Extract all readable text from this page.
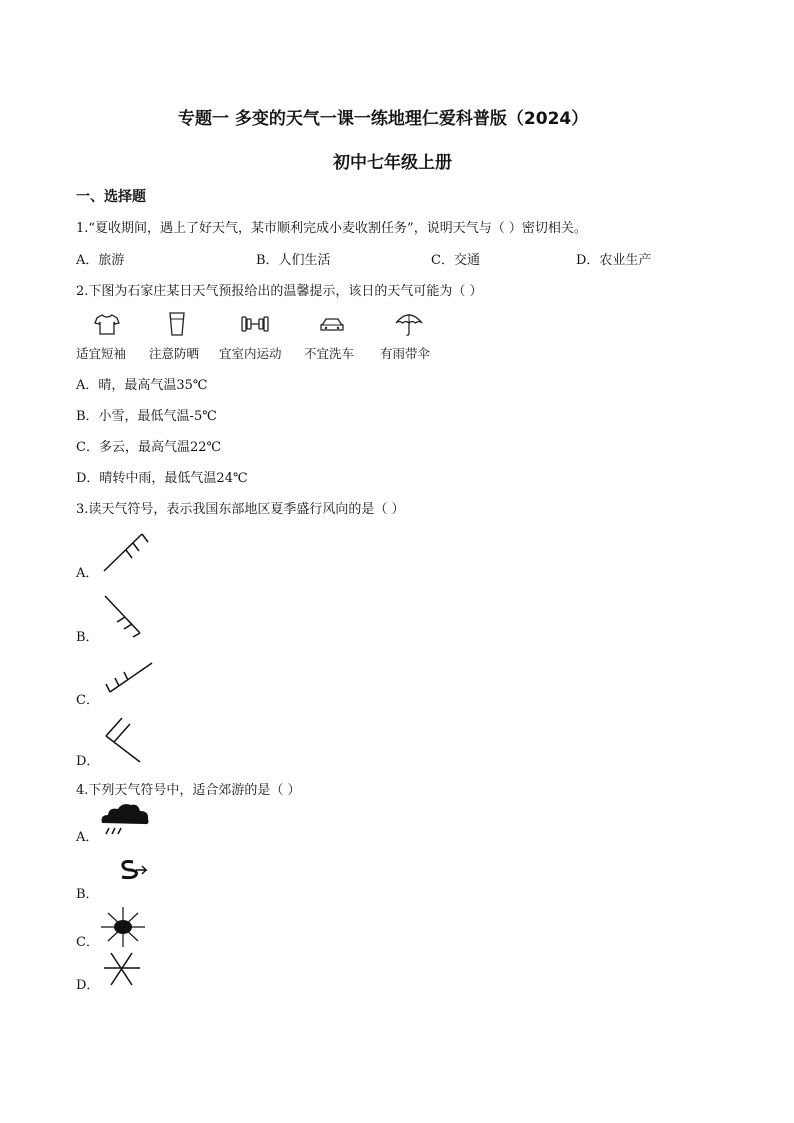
专题一 多变的天气一课一练地理仁爱科普版（2024）
初中七年级上册
一、选择题
1.“夏收期间，遇上了好天气，某市顺利完成小麦收割任务”，说明天气与（ ）密切相关。
A．旅游	B．人们生活	C．交通	D．农业生产
2.下图为石家庄某日天气预报给出的温馨提示，该日的天气可能为（ ）
适宜短袖 注意防晒 宜室内运动 不宜洗车 有雨带伞
A．晴，最高气温35℃
B．小雪，最低气温-5℃
C．多云，最高气温22℃
D．晴转中雨，最低气温24℃
3.读天气符号，表示我国东部地区夏季盛行风向的是（ ）
A．
B．
C．
D．
4.下列天气符号中，适合郊游的是（ ）
A．
B．
C．
D．
